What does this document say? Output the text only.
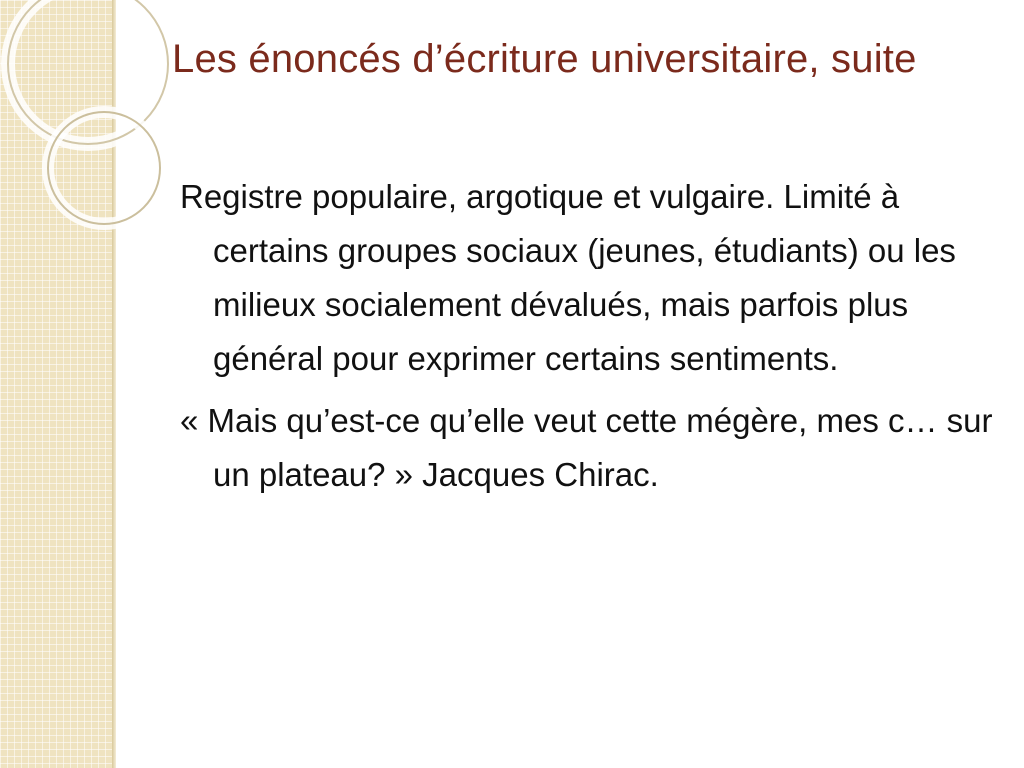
Les énoncés d’écriture universitaire, suite

Registre populaire, argotique et vulgaire. Limité à certains groupes sociaux (jeunes, étudiants) ou les milieux socialement dévalués, mais parfois plus général pour exprimer certains sentiments.

« Mais qu’est-ce qu’elle veut cette mégère, mes c… sur un plateau? » Jacques Chirac.
